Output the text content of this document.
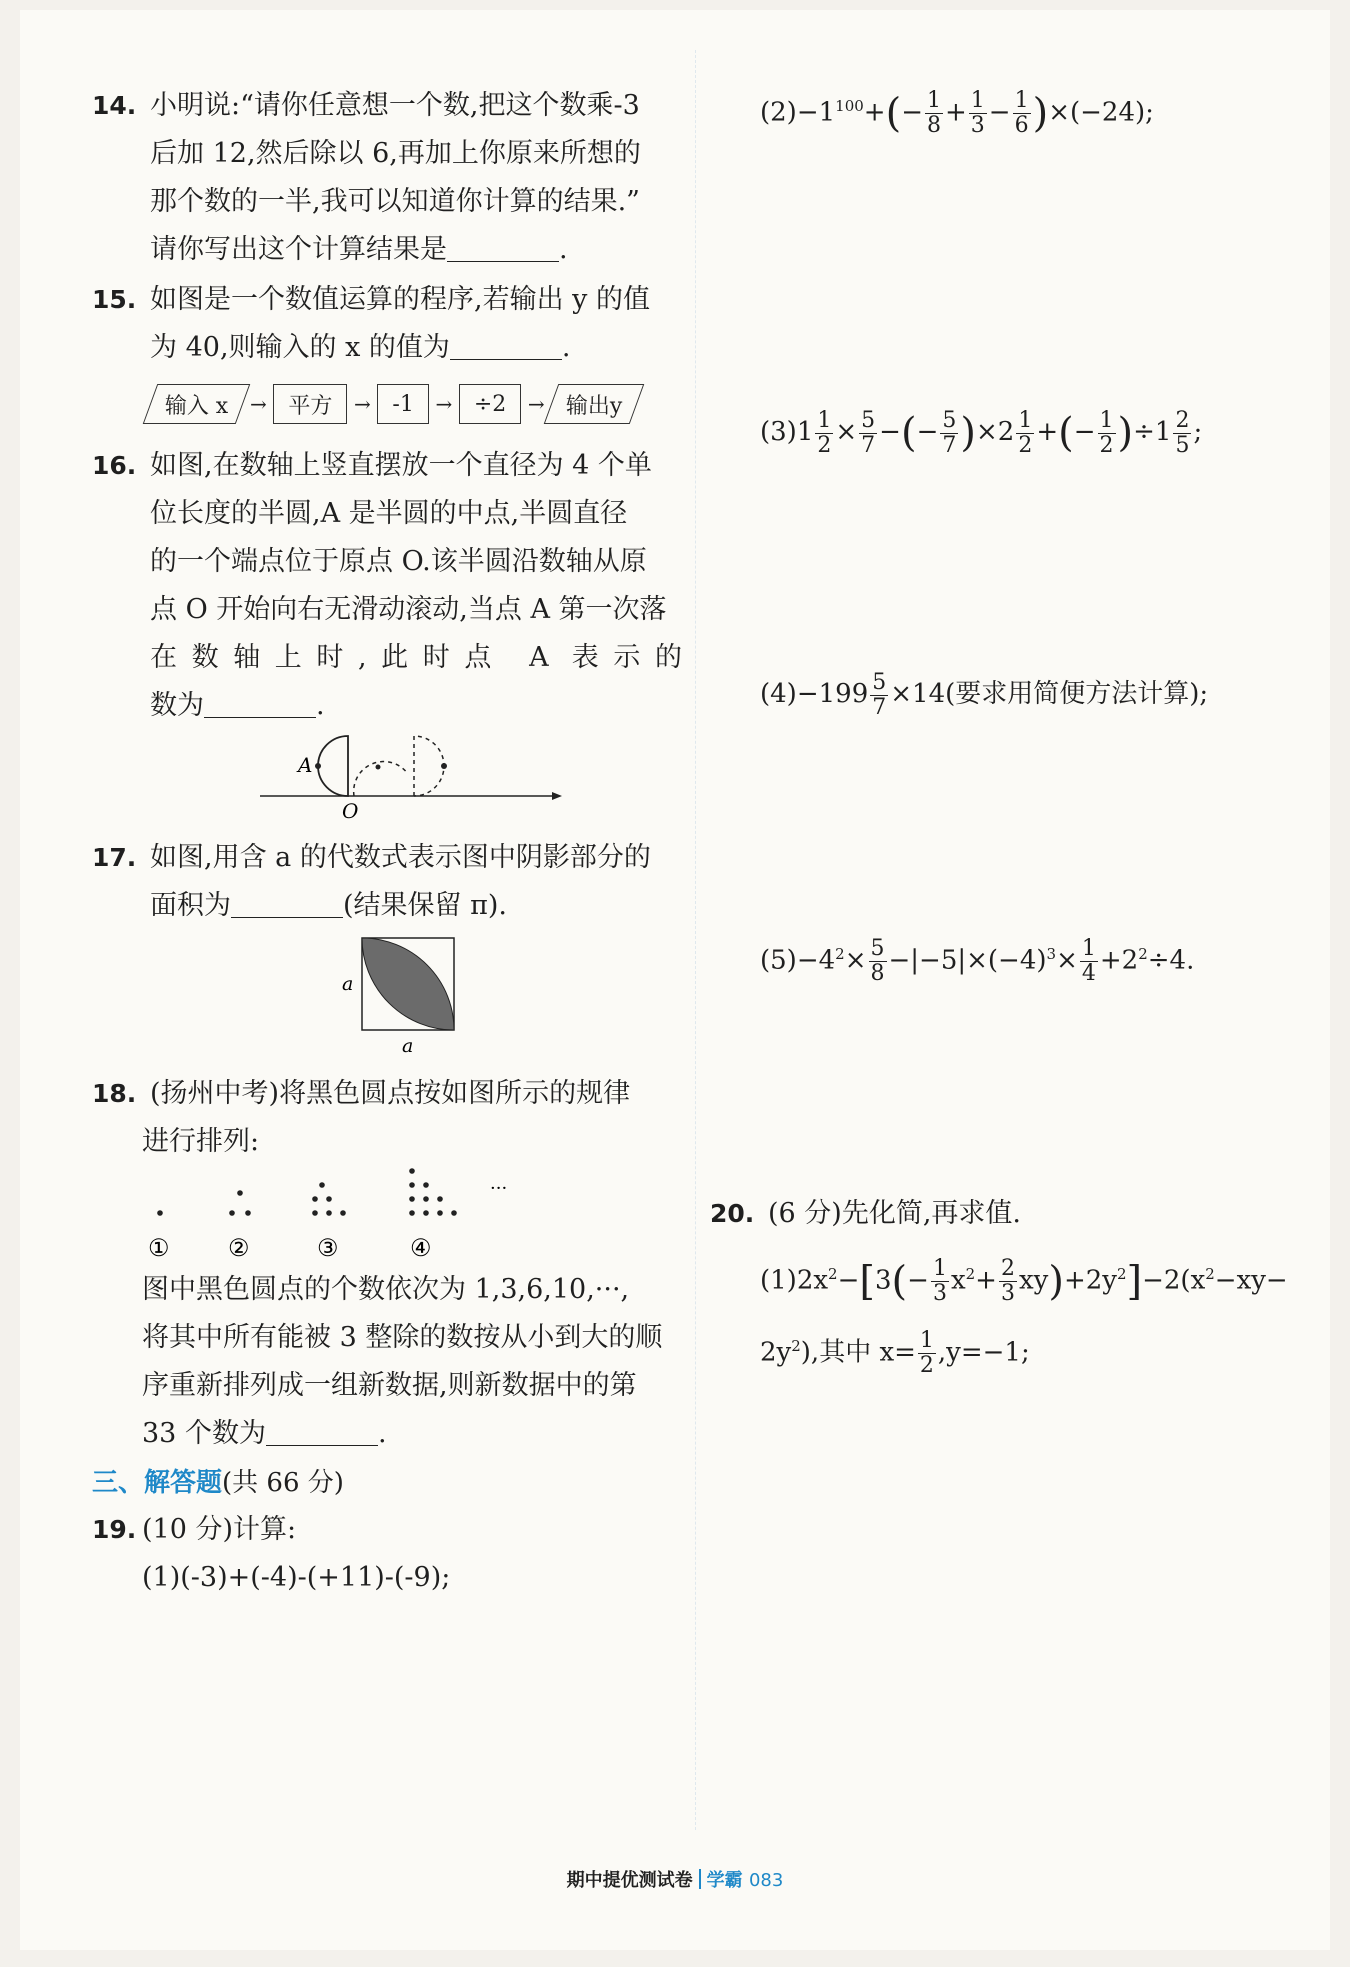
14. 小明说:“请你任意想一个数,把这个数乘-3
后加 12,然后除以 6,再加上你原来所想的
那个数的一半,我可以知道你计算的结果.”
请你写出这个计算结果是	.
15. 如图是一个数值运算的程序,若输出 y 的值
为 40,则输入的 x 的值为	.
输入 x	→ 平方	→ -1	→ ÷2	→ 输出y
16. 如图,在数轴上竖直摆放一个直径为 4 个单
位长度的半圆,A 是半圆的中点,半圆直径
的一个端点位于原点 O.该半圆沿数轴从原
点 O 开始向右无滑动滚动,当点 A 第一次落
在数轴上时,此时点 A 表示的
数为	.
A
O
17. 如图,用含 a 的代数式表示图中阴影部分的
面积为	(结果保留 π).
a
a
18. (扬州中考)将黑色圆点按如图所示的规律
进行排列:
···
① ②	③	④
图中黑色圆点的个数依次为 1,3,6,10,···,
将其中所有能被 3 整除的数按从小到大的顺
序重新排列成一组新数据,则新数据中的第
33 个数为	.
三、解答题(共 66 分)
19. (10 分)计算:
(1)(-3)+(-4)-(+11)-(-9);
$(2)-1^{100}+(- \frac{1}{8} + \frac{1}{3} - \frac{1}{6} )\times(-24)$;
$(3)1 \frac{1}{2} \times \frac{5}{7}$ −(− $\frac{5}{7} )\times 2 \frac{1}{2}$ +(− $\frac{1}{2} )\div 1 \frac{2}{5}$ ;
$(4)-199 \frac{5}{7} \times 14$(要求用简便方法计算);
$(5)-4^2\times \frac{5}{8} -|-5|\times(-4)^3\times \frac{1}{4} +2^2\div 4$.
20. (6 分)先化简,再求值.
$(1)2x^2-[3(- \frac{1}{3} x^2+ \frac{2}{3} xy)+2y^2]-2(x^2-xy-$
$2y^2$),其中 $x= \frac{1}{2} ,y=-1$;
期中提优测试卷 学霸 083
